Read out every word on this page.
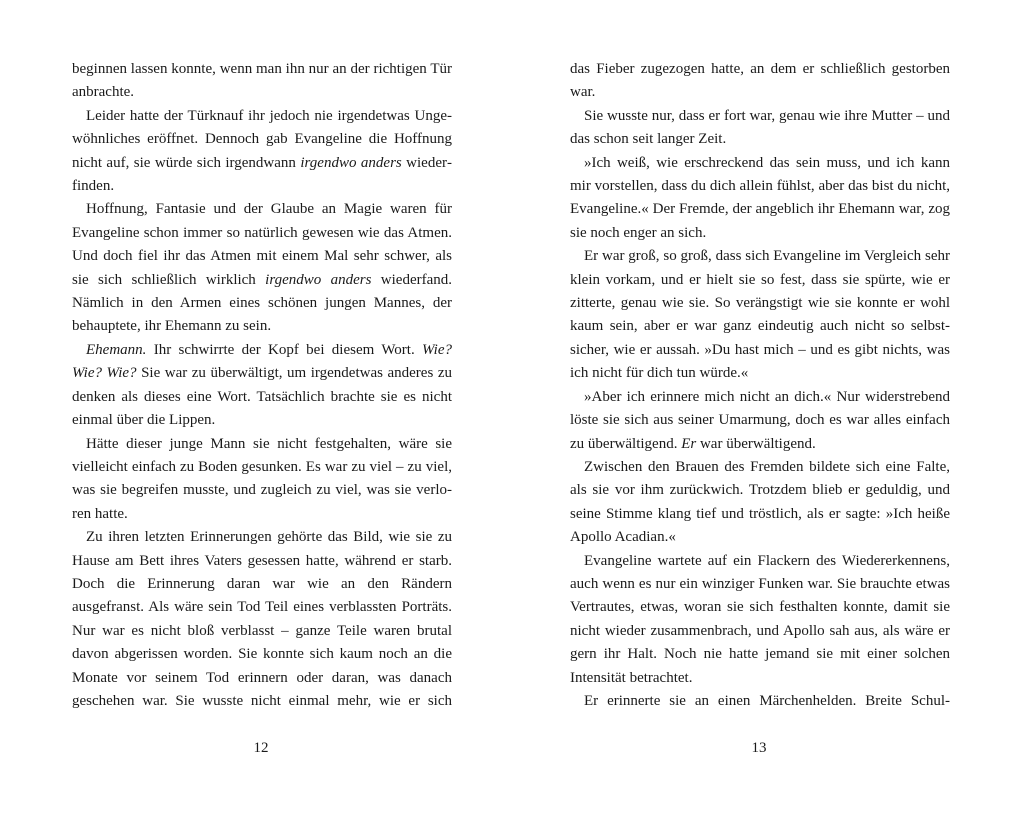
beginnen lassen konnte, wenn man ihn nur an der richtigen Tür anbrachte.

Leider hatte der Türknauf ihr jedoch nie irgendetwas Ungewöhnliches eröffnet. Dennoch gab Evangeline die Hoffnung nicht auf, sie würde sich irgendwann irgendwo anders wiederfinden.

Hoffnung, Fantasie und der Glaube an Magie waren für Evangeline schon immer so natürlich gewesen wie das Atmen. Und doch fiel ihr das Atmen mit einem Mal sehr schwer, als sie sich schließlich wirklich irgendwo anders wiederfand. Nämlich in den Armen eines schönen jungen Mannes, der behauptete, ihr Ehemann zu sein.

Ehemann. Ihr schwirrte der Kopf bei diesem Wort. Wie? Wie? Wie? Sie war zu überwältigt, um irgendetwas anderes zu denken als dieses eine Wort. Tatsächlich brachte sie es nicht einmal über die Lippen.

Hätte dieser junge Mann sie nicht festgehalten, wäre sie vielleicht einfach zu Boden gesunken. Es war zu viel – zu viel, was sie begreifen musste, und zugleich zu viel, was sie verloren hatte.

Zu ihren letzten Erinnerungen gehörte das Bild, wie sie zu Hause am Bett ihres Vaters gesessen hatte, während er starb. Doch die Erinnerung daran war wie an den Rändern ausgefranst. Als wäre sein Tod Teil eines verblassten Porträts. Nur war es nicht bloß verblasst – ganze Teile waren brutal davon abgerissen worden. Sie konnte sich kaum noch an die Monate vor seinem Tod erinnern oder daran, was danach geschehen war. Sie wusste nicht einmal mehr, wie er sich

das Fieber zugezogen hatte, an dem er schließlich gestorben war.

Sie wusste nur, dass er fort war, genau wie ihre Mutter – und das schon seit langer Zeit.

»Ich weiß, wie erschreckend das sein muss, und ich kann mir vorstellen, dass du dich allein fühlst, aber das bist du nicht, Evangeline.« Der Fremde, der angeblich ihr Ehemann war, zog sie noch enger an sich.

Er war groß, so groß, dass sich Evangeline im Vergleich sehr klein vorkam, und er hielt sie so fest, dass sie spürte, wie er zitterte, genau wie sie. So verängstigt wie sie konnte er wohl kaum sein, aber er war ganz eindeutig auch nicht so selbstsicher, wie er aussah. »Du hast mich – und es gibt nichts, was ich nicht für dich tun würde.«

»Aber ich erinnere mich nicht an dich.« Nur widerstrebend löste sie sich aus seiner Umarmung, doch es war alles einfach zu überwältigend. Er war überwältigend.

Zwischen den Brauen des Fremden bildete sich eine Falte, als sie vor ihm zurückwich. Trotzdem blieb er geduldig, und seine Stimme klang tief und tröstlich, als er sagte: »Ich heiße Apollo Acadian.«

Evangeline wartete auf ein Flackern des Wiedererkennens, auch wenn es nur ein winziger Funken war. Sie brauchte etwas Vertrautes, etwas, woran sie sich festhalten konnte, damit sie nicht wieder zusammenbrach, und Apollo sah aus, als wäre er gern ihr Halt. Noch nie hatte jemand sie mit einer solchen Intensität betrachtet.

Er erinnerte sie an einen Märchenhelden. Breite Schul-

12	13
